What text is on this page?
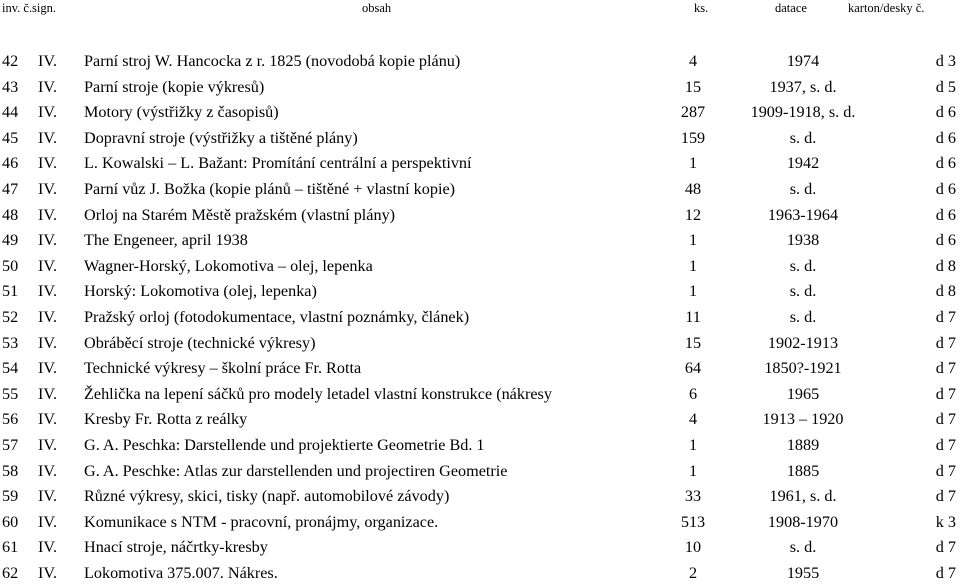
inv. č. sign.	obsah	ks.	datace	karton/desky č.
42 IV. Parní stroj W. Hancocka z r. 1825 (novodobá kopie plánu)	4	1974	d 3
43 IV. Parní stroje (kopie výkresů)	15	1937, s. d.	d 5
44 IV. Motory (výstřižky z časopisů)	287	1909-1918, s. d.	d 6
45 IV. Dopravní stroje (výstřižky a tištěné plány)	159	s. d.	d 6
46 IV. L. Kowalski – L. Bažant: Promítání centrální a perspektivní	1	1942	d 6
47 IV. Parní vůz J. Božka (kopie plánů – tištěné + vlastní kopie)	48	s. d.	d 6
48 IV. Orloj na Starém Městě pražském (vlastní plány)	12	1963-1964	d 6
49 IV. The Engeneer, april 1938	1	1938	d 6
50 IV. Wagner-Horský, Lokomotiva – olej, lepenka	1	s. d.	d 8
51 IV. Horský: Lokomotiva (olej, lepenka)	1	s. d.	d 8
52 IV. Pražský orloj (fotodokumentace, vlastní poznámky, článek)	11	s. d.	d 7
53 IV. Obráběcí stroje (technické výkresy)	15	1902-1913	d 7
54 IV. Technické výkresy – školní práce Fr. Rotta	64	1850?-1921	d 7
55 IV. Žehlička na lepení sáčků pro modely letadel vlastní konstrukce (nákresy	6	1965	d 7
56 IV. Kresby Fr. Rotta z reálky	4	1913 – 1920	d 7
57 IV. G. A. Peschka: Darstellende und projektierte Geometrie Bd. 1	1	1889	d 7
58 IV. G. A. Peschke: Atlas zur darstellenden und projectiren Geometrie	1	1885	d 7
59 IV. Různé výkresy, skici, tisky (např. automobilové závody)	33	1961, s. d.	d 7
60 IV. Komunikace s NTM - pracovní, pronájmy, organizace.	513	1908-1970	k 3
61 IV. Hnací stroje, náčrtky-kresby	10	s. d.	d 7
62 IV. Lokomotiva 375.007. Nákres.	2	1955	d 7
